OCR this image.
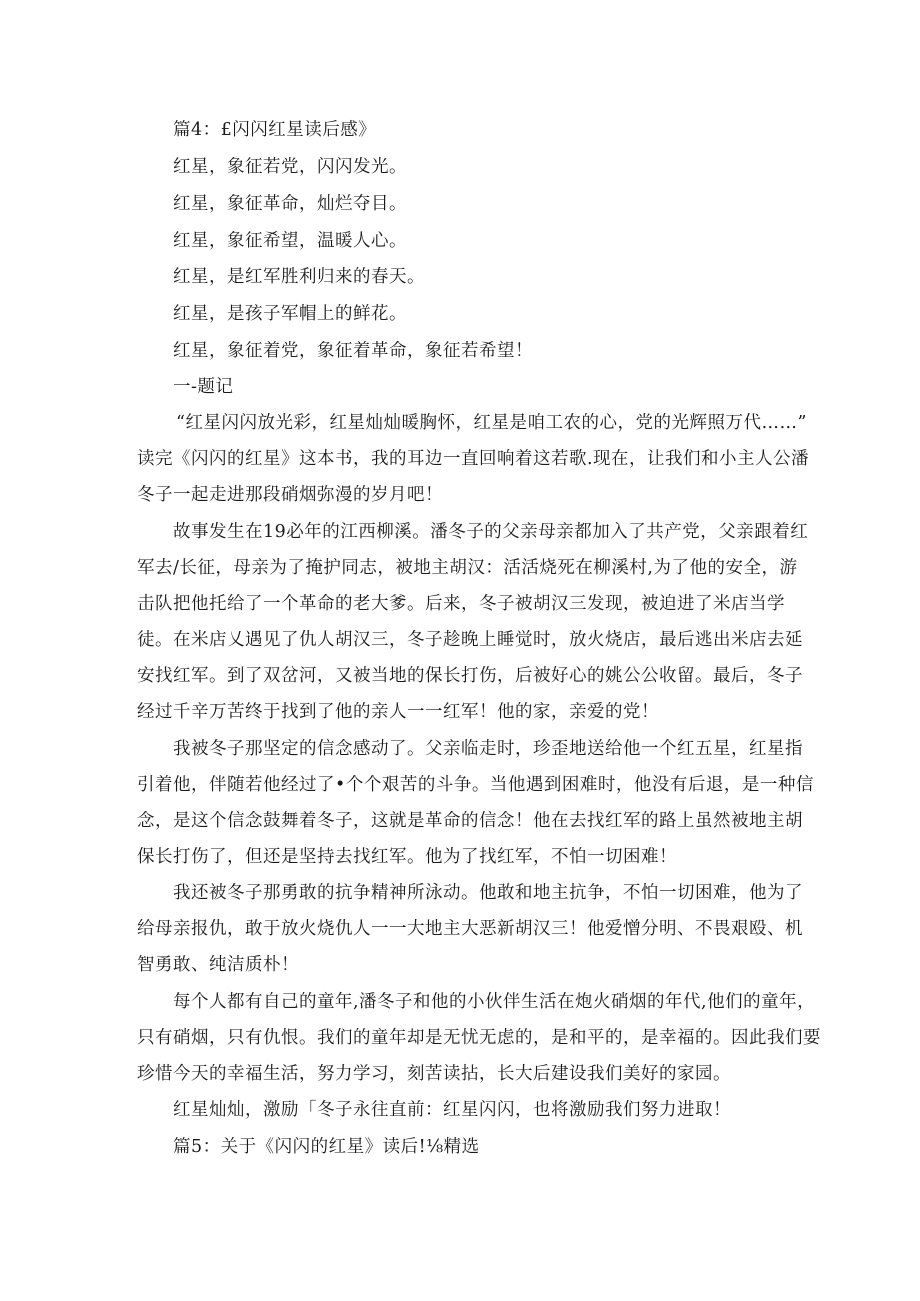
篇4：£闪闪红星读后感》
红星，象征若党，闪闪发光。
红星，象征革命，灿烂夺目。
红星，象征希望，温暖人心。
红星，是红军胜利归来的春天。
红星，是孩子军帽上的鲜花。
红星，象征着党，象征着革命，象征若希望！
一-题记
“红星闪闪放光彩，红星灿灿暖胸怀，红星是咱工农的心，党的光辉照万代……”
读完《闪闪的红星》这本书，我的耳边一直回响着这若歌.现在，让我们和小主人公潘
冬子一起走进那段硝烟弥漫的岁月吧！
故事发生在19必年的江西柳溪。潘冬子的父亲母亲都加入了共产党，父亲跟着红
军去/长征，母亲为了掩护同志，被地主胡汉：活活烧死在柳溪村,为了他的安全，游
击队把他托给了一个革命的老大爹。后来，冬子被胡汉三发现，被迫进了米店当学
徒。在米店乂遇见了仇人胡汉三，冬子趁晚上睡觉时，放火烧店，最后逃出米店去延
安找红军。到了双岔河，又被当地的保长打伤，后被好心的姚公公收留。最后，冬子
经过千辛万苦终于找到了他的亲人一一红军！他的家，亲爱的党！
我被冬子那坚定的信念感动了。父亲临走时，珍歪地送给他一个红五星，红星指
引着他，伴随若他经过了•个个艰苦的斗争。当他遇到困难时，他没有后退，是一种信
念，是这个信念鼓舞着冬子，这就是革命的信念！他在去找红军的路上虽然被地主胡
保长打伤了，但还是坚持去找红军。他为了找红军，不怕一切困难！
我还被冬子那勇敢的抗争精神所泳动。他敢和地主抗争，不怕一切困难，他为了
给母亲报仇，敢于放火烧仇人一一大地主大恶新胡汉三！他爱憎分明、不畏艰殴、机
智勇敢、纯洁质朴！
每个人都有自己的童年,潘冬子和他的小伙伴生活在炮火硝烟的年代,他们的童年，
只有硝烟，只有仇恨。我们的童年却是无忧无虑的，是和平的，是幸福的。因此我们要
珍惜今天的幸福生活，努力学习，刻苦读拈，长大后建设我们美好的家园。
红星灿灿，激励「冬子永往直前：红星闪闪，也将激励我们努力进取！
篇5：关于《闪闪的红星》读后!⅛精选
